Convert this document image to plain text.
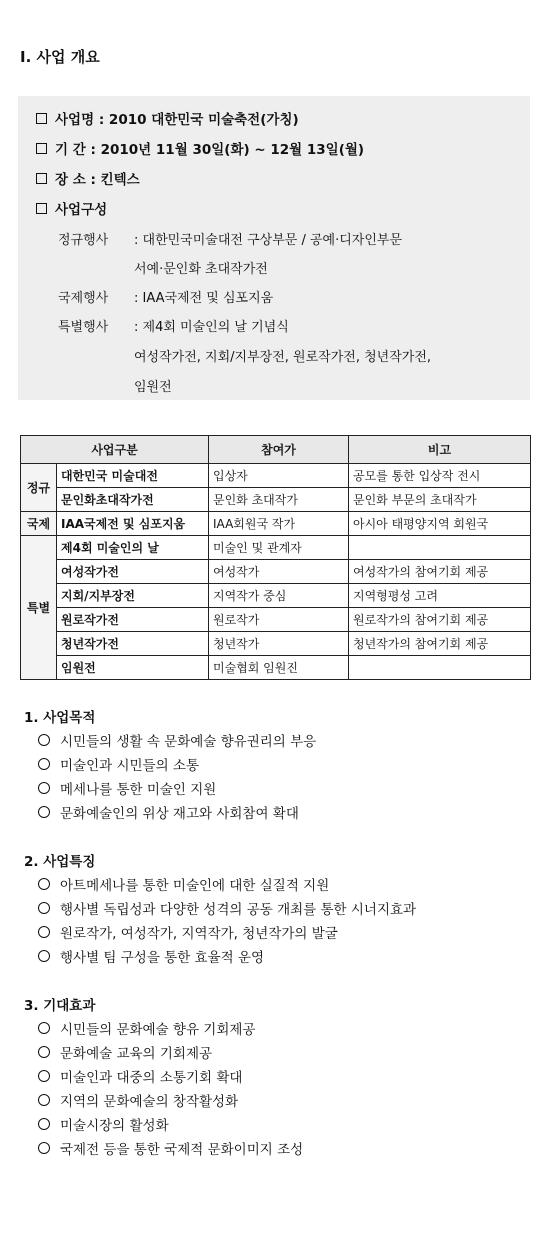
I. 사업 개요
사업명 : 2010 대한민국 미술축전(가칭)
기 간 : 2010년 11월 30일(화) ~ 12월 13일(월)
장 소 : 킨텍스
사업구성
정규행사 : 대한민국미술대전 구상부문 / 공예·디자인부문
서예·문인화 초대작가전
국제행사 : IAA국제전 및 심포지움
특별행사 : 제4회 미술인의 날 기념식
여성작가전, 지회/지부장전, 원로작가전, 청년작가전,
임원전
사업구분		참여가	비고
정규	대한민국 미술대전	입상자	공모를 통한 입상작 전시
	문인화초대작가전	문인화 초대작가	문인화 부문의 초대작가
국제	IAA국제전 및 심포지움	IAA회원국 작가	아시아 태평양지역 회원국
특별	제4회 미술인의 날	미술인 및 관계자	
	여성작가전	여성작가	여성작가의 참여기회 제공
	지회/지부장전	지역작가 중심	지역형평성 고려
	원로작가전	원로작가	원로작가의 참여기회 제공
	청년작가전	청년작가	청년작가의 참여기회 제공
	임원전	미술협회 임원진	
1. 사업목적
시민들의 생활 속 문화예술 향유권리의 부응
미술인과 시민들의 소통
메세나를 통한 미술인 지원
문화예술인의 위상 재고와 사회참여 확대
2. 사업특징
아트메세나를 통한 미술인에 대한 실질적 지원
행사별 독립성과 다양한 성격의 공동 개최를 통한 시너지효과
원로작가, 여성작가, 지역작가, 청년작가의 발굴
행사별 팀 구성을 통한 효율적 운영
3. 기대효과
시민들의 문화예술 향유 기회제공
문화예술 교육의 기회제공
미술인과 대중의 소통기회 확대
지역의 문화예술의 창작활성화
미술시장의 활성화
국제전 등을 통한 국제적 문화이미지 조성
